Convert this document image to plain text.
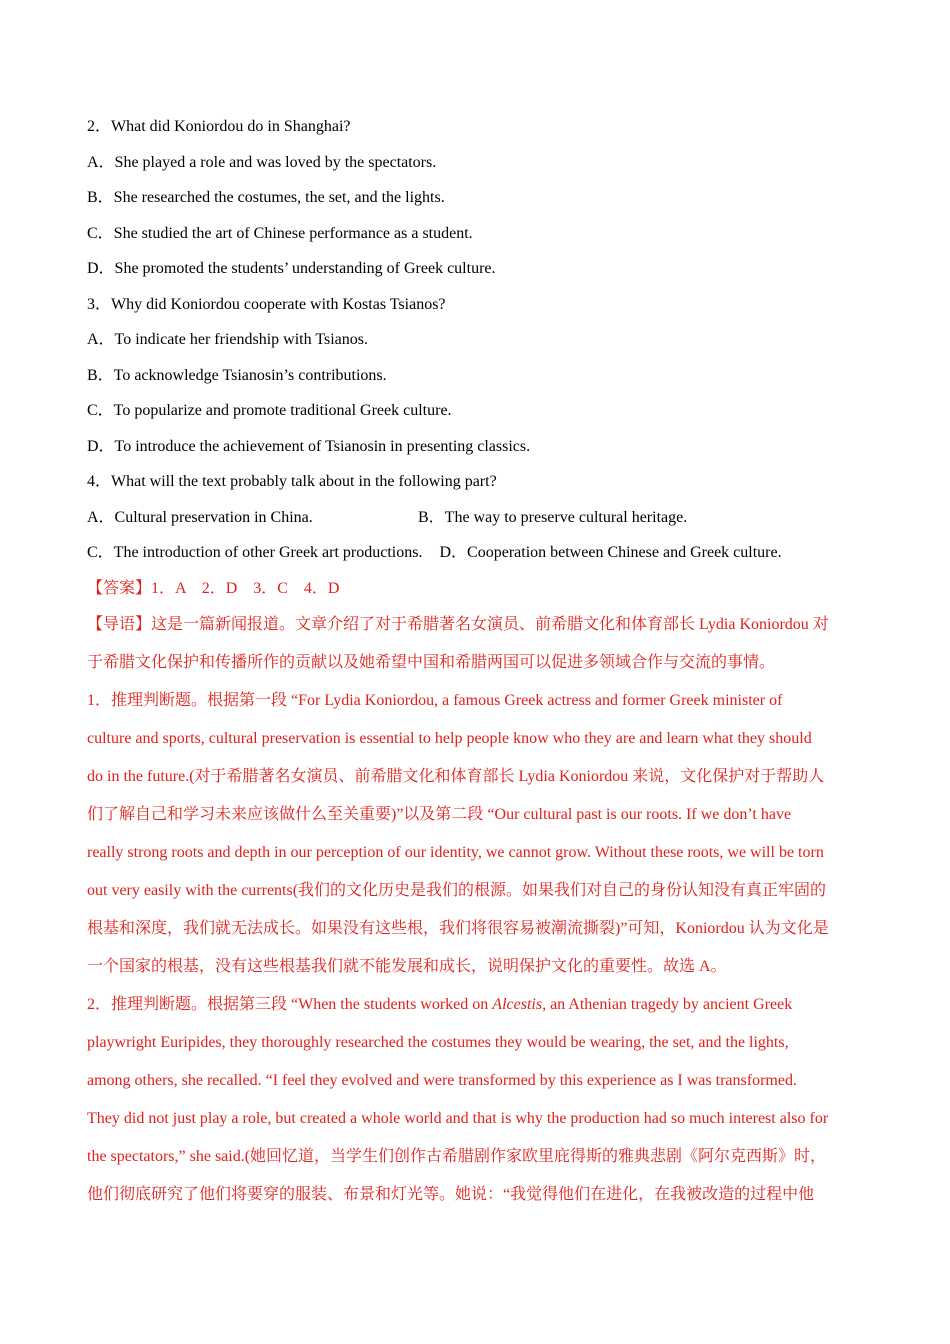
2．What did Koniordou do in Shanghai?
A．She played a role and was loved by the spectators.
B．She researched the costumes, the set, and the lights.
C．She studied the art of Chinese performance as a student.
D．She promoted the students’ understanding of Greek culture.
3．Why did Koniordou cooperate with Kostas Tsianos?
A．To indicate her friendship with Tsianos.
B．To acknowledge Tsianosin’s contributions.
C．To popularize and promote traditional Greek culture.
D．To introduce the achievement of Tsianosin in presenting classics.
4．What will the text probably talk about in the following part?
A．Cultural preservation in China.	B．The way to preserve cultural heritage.
C．The introduction of other Greek art productions. D．Cooperation between Chinese and Greek culture.
【答案】1．A　2．D　3．C　4．D
【导语】这是一篇新闻报道。文章介绍了对于希腊著名女演员、前希腊文化和体育部长 Lydia Koniordou 对
于希腊文化保护和传播所作的贡献以及她希望中国和希腊两国可以促进多领域合作与交流的事情。
1．推理判断题。根据第一段 “For Lydia Koniordou, a famous Greek actress and former Greek minister of
culture and sports, cultural preservation is essential to help people know who they are and learn what they should
do in the future.(对于希腊著名女演员、前希腊文化和体育部长 Lydia Koniordou 来说，文化保护对于帮助人
们了解自己和学习未来应该做什么至关重要)”以及第二段 “Our cultural past is our roots. If we don’t have
really strong roots and depth in our perception of our identity, we cannot grow. Without these roots, we will be torn
out very easily with the currents(我们的文化历史是我们的根源。如果我们对自己的身份认知没有真正牢固的
根基和深度，我们就无法成长。如果没有这些根，我们将很容易被潮流撕裂)”可知，Koniordou 认为文化是
一个国家的根基，没有这些根基我们就不能发展和成长，说明保护文化的重要性。故选 A。
2．推理判断题。根据第三段 “When the students worked on Alcestis, an Athenian tragedy by ancient Greek
playwright Euripides, they thoroughly researched the costumes they would be wearing, the set, and the lights,
among others, she recalled. “I feel they evolved and were transformed by this experience as I was transformed.
They did not just play a role, but created a whole world and that is why the production had so much interest also for
the spectators,” she said.(她回忆道，当学生们创作古希腊剧作家欧里庇得斯的雅典悲剧《阿尔克西斯》时，
他们彻底研究了他们将要穿的服装、布景和灯光等。她说：“我觉得他们在进化，在我被改造的过程中他
